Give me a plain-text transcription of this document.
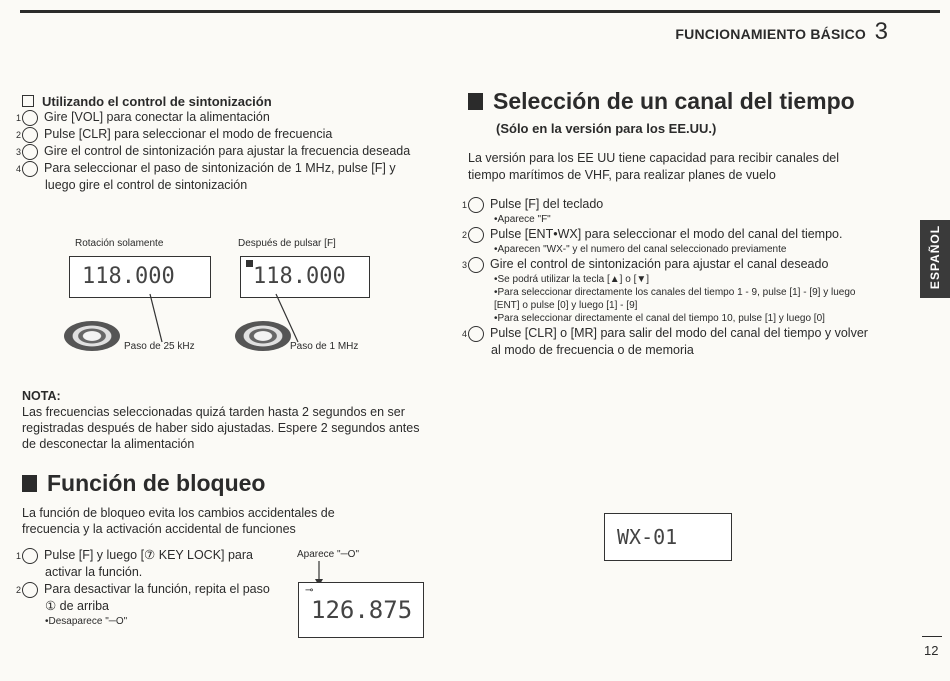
FUNCIONAMIENTO BÁSICO 3
ESPAÑOL
Utilizando el control de sintonización
1 Gire [VOL] para conectar la alimentación
2 Pulse [CLR] para seleccionar el modo de frecuencia
3 Gire el control de sintonización para ajustar la frecuencia deseada
4 Para seleccionar el paso de sintonización de 1 MHz, pulse [F] y luego gire el control de sintonización
Rotación solamente
118.000
Paso de 25 kHz
Después de pulsar [F]
118.000
Paso de 1 MHz
NOTA:
Las frecuencias seleccionadas quizá tarden hasta 2 segundos en ser registradas después de haber sido ajustadas. Espere 2 segundos antes de desconectar la alimentación
Función de bloqueo
La función de bloqueo evita los cambios accidentales de frecuencia y la activación accidental de funciones
1 Pulse [F] y luego [⑦ KEY LOCK] para activar la función.
2 Para desactivar la función, repita el paso ① de arriba
•Desaparece "─O"
Aparece "─O"
126.875
⊸
Selección de un canal del tiempo
(Sólo en la versión para los EE.UU.)
La versión para los EE UU tiene capacidad para recibir canales del tiempo marítimos de VHF, para realizar planes de vuelo
1 Pulse [F] del teclado
•Aparece "F"
2 Pulse [ENT•WX] para seleccionar el modo del canal del tiempo.
•Aparecen "WX-" y el numero del canal seleccionado previamente
3 Gire el control de sintonización para ajustar el canal deseado
•Se podrá utilizar la tecla [▲] o [▼]
•Para seleccionar directamente los canales del tiempo 1 - 9, pulse [1] - [9] y luego [ENT] o pulse [0] y luego [1] - [9]
•Para seleccionar directamente el canal del tiempo 10, pulse [1] y luego [0]
4 Pulse [CLR] o [MR] para salir del modo del canal del tiempo y volver al modo de frecuencia o de memoria
WX-01
12
